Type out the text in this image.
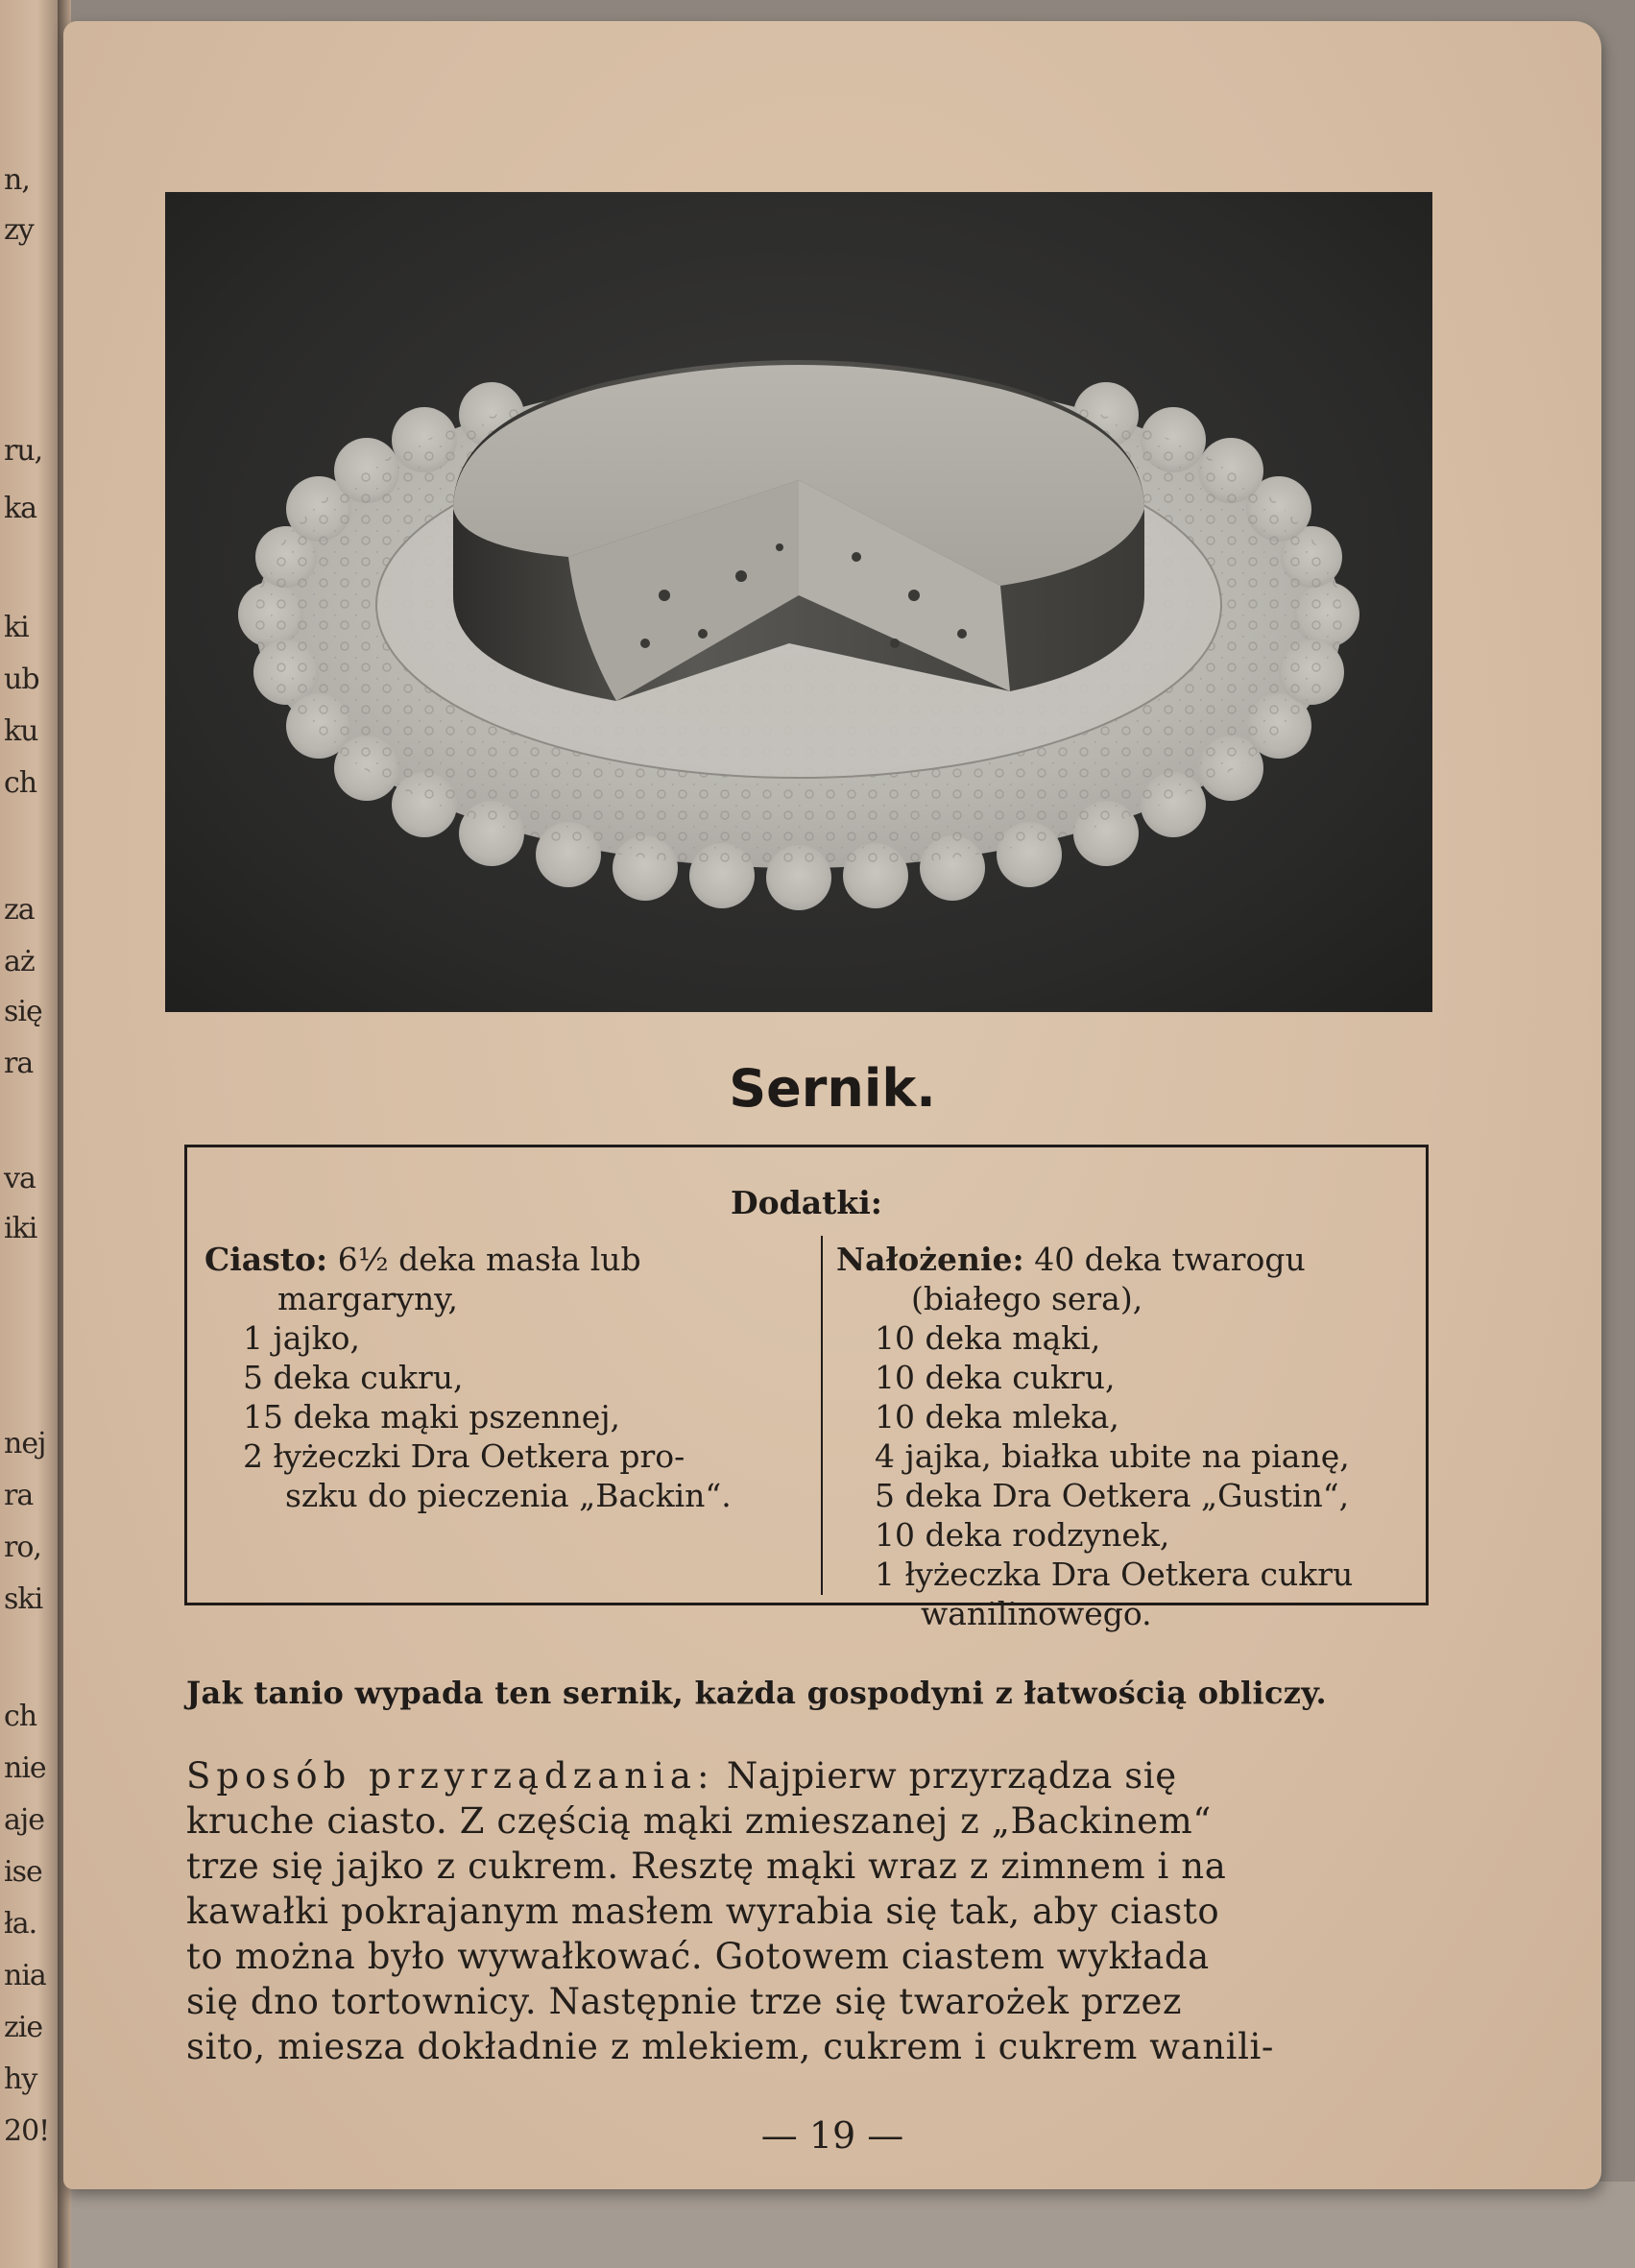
n,
zy
ru,
ka
ki
ub
ku
ch
za
aż
się
ra
va
iki
nej
ra
ro,
ski
ch
nie
aje
ise
ła.
nia
zie
hy
20!
Sernik.
Dodatki:
Ciasto: 6½ deka masła lub
margaryny,
1 jajko,
5 deka cukru,
15 deka mąki pszennej,
2 łyżeczki Dra Oetkera pro-
szku do pieczenia „Backin“.
Nałożenie: 40 deka twarogu
(białego sera),
10 deka mąki,
10 deka cukru,
10 deka mleka,
4 jajka, białka ubite na pianę,
5 deka Dra Oetkera „Gustin“,
10 deka rodzynek,
1 łyżeczka Dra Oetkera cukru
wanilinowego.
Jak tanio wypada ten sernik, każda gospodyni z łatwością obliczy.
Sposób przyrządzania: Najpierw przyrządza się
kruche ciasto. Z częścią mąki zmieszanej z „Backinem“
trze się jajko z cukrem. Resztę mąki wraz z zimnem i na
kawałki pokrajanym masłem wyrabia się tak, aby ciasto
to można było wywałkować. Gotowem ciastem wykłada
się dno tortownicy. Następnie trze się twarożek przez
sito, miesza dokładnie z mlekiem, cukrem i cukrem wanili-
— 19 —
